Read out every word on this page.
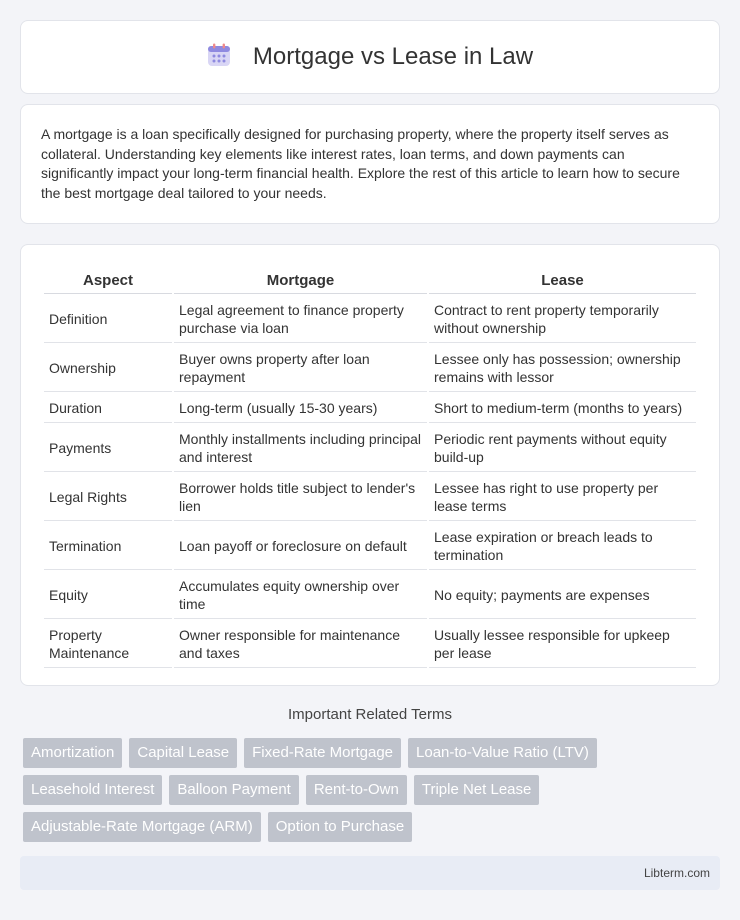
Mortgage vs Lease in Law

A mortgage is a loan specifically designed for purchasing property, where the property itself serves as collateral. Understanding key elements like interest rates, loan terms, and down payments can significantly impact your long-term financial health. Explore the rest of this article to learn how to secure the best mortgage deal tailored to your needs.

Aspect	Mortgage	Lease
Definition	Legal agreement to finance property purchase via loan	Contract to rent property temporarily without ownership
Ownership	Buyer owns property after loan repayment	Lessee only has possession; ownership remains with lessor
Duration	Long-term (usually 15-30 years)	Short to medium-term (months to years)
Payments	Monthly installments including principal and interest	Periodic rent payments without equity build-up
Legal Rights	Borrower holds title subject to lender's lien	Lessee has right to use property per lease terms
Termination	Loan payoff or foreclosure on default	Lease expiration or breach leads to termination
Equity	Accumulates equity ownership over time	No equity; payments are expenses
Property Maintenance	Owner responsible for maintenance and taxes	Usually lessee responsible for upkeep per lease
Important Related Terms
Amortization	Capital Lease	Fixed-Rate Mortgage	Loan-to-Value Ratio (LTV)
Leasehold Interest	Balloon Payment	Rent-to-Own	Triple Net Lease
Adjustable-Rate Mortgage (ARM)	Option to Purchase
Libterm.com
